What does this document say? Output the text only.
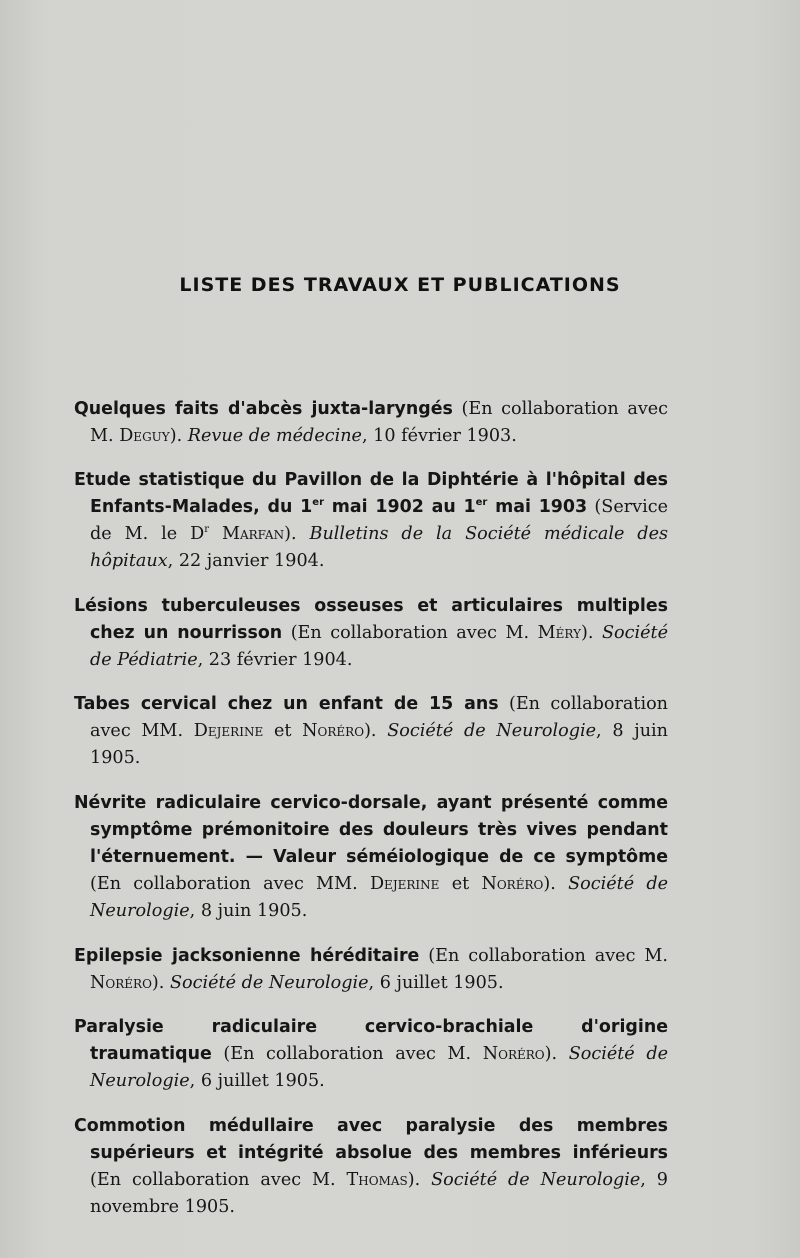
LISTE DES TRAVAUX ET PUBLICATIONS

Quelques faits d'abcès juxta-laryngés (En collaboration avec M. Deguy). Revue de médecine, 10 février 1903.

Etude statistique du Pavillon de la Diphtérie à l'hôpital des Enfants-Malades, du 1er mai 1902 au 1er mai 1903 (Service de M. le $D^r$ Marfan). Bulletins de la Société médicale des hôpitaux, 22 janvier 1904.

Lésions tuberculeuses osseuses et articulaires multiples chez un nourrisson (En collaboration avec M. Méry). Société de Pédiatrie, 23 février 1904.

Tabes cervical chez un enfant de 15 ans (En collaboration avec MM. Dejerine et Noréro). Société de Neurologie, 8 juin 1905.

Névrite radiculaire cervico-dorsale, ayant présenté comme symptôme prémonitoire des douleurs très vives pendant l'éternuement. — Valeur séméiologique de ce symptôme (En collaboration avec MM. Dejerine et Noréro). Société de Neurologie, 8 juin 1905.

Epilepsie jacksonienne héréditaire (En collaboration avec M. Noréro). Société de Neurologie, 6 juillet 1905.

Paralysie radiculaire cervico-brachiale d'origine traumatique (En collaboration avec M. Noréro). Société de Neurologie, 6 juillet 1905.

Commotion médullaire avec paralysie des membres supérieurs et intégrité absolue des membres inférieurs (En collaboration avec M. Thomas). Société de Neurologie, 9 novembre 1905.
